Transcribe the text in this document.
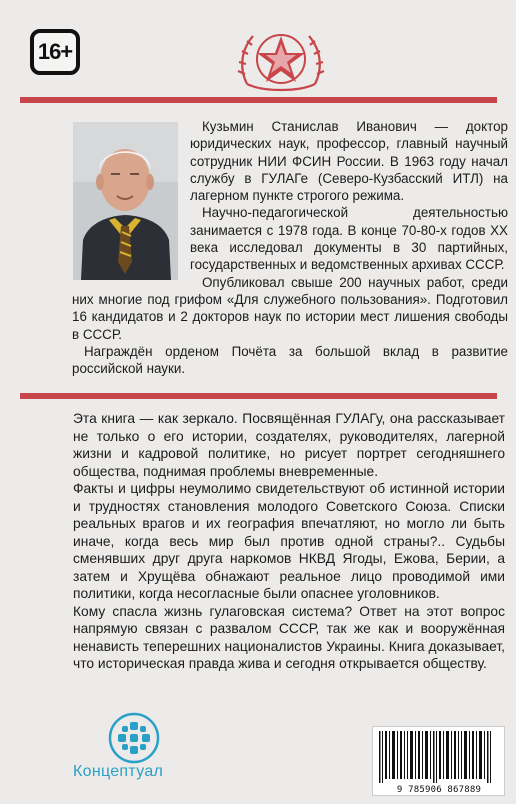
16+

Кузьмин Станислав Иванович — доктор юридических наук, профессор, главный научный сотрудник НИИ ФСИН России. В 1963 году начал службу в ГУЛАГе (Северо-Кузбасский ИТЛ) на лагерном пункте строгого режима.

Научно-педагогической деятельностью занимается с 1978 года. В конце 70-80-х годов XX века исследовал документы в 30 партийных, государственных и ведомственных архивах СССР.

Опубликовал свыше 200 научных работ, среди них многие под грифом «Для служебного пользования». Подготовил 16 кандидатов и 2 докторов наук по истории мест лишения свободы в СССР.

Награждён орденом Почёта за большой вклад в развитие российской науки.

Эта книга — как зеркало. Посвящённая ГУЛАГу, она рассказывает не только о его истории, создателях, руководителях, лагерной жизни и кадровой политике, но рисует портрет сегодняшнего общества, поднимая проблемы вневременные.

Факты и цифры неумолимо свидетельствуют об истинной истории и трудностях становления молодого Советского Союза. Списки реальных врагов и их география впечатляют, но могло ли быть иначе, когда весь мир был против одной страны?.. Судьбы сменявших друг друга наркомов НКВД Ягоды, Ежова, Берии, а затем и Хрущёва обнажают реальное лицо проводимой ими политики, когда несогласные были опаснее уголовников.

Кому спасла жизнь гулаговская система? Ответ на этот вопрос напрямую связан с развалом СССР, так же как и вооружённая ненависть теперешних националистов Украины. Книга доказывает, что историческая правда жива и сегодня открывается обществу.

Концептуал
9 785906 867889
